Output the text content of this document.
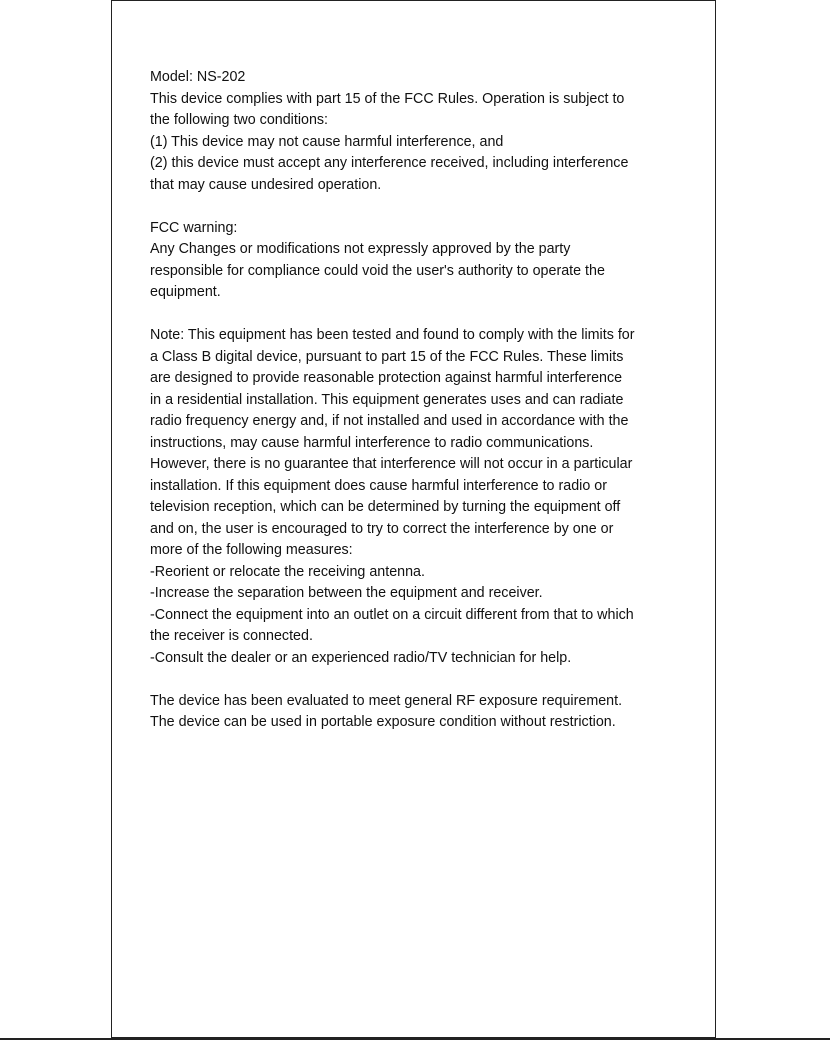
Model: NS-202
This device complies with part 15 of the FCC Rules. Operation is subject to
the following two conditions:
(1) This device may not cause harmful interference, and
(2) this device must accept any interference received, including interference
that may cause undesired operation.
FCC warning:
Any Changes or modifications not expressly approved by the party
responsible for compliance could void the user's authority to operate the
equipment.
Note: This equipment has been tested and found to comply with the limits for
a Class B digital device, pursuant to part 15 of the FCC Rules. These limits
are designed to provide reasonable protection against harmful interference
in a residential installation. This equipment generates uses and can radiate
radio frequency energy and, if not installed and used in accordance with the
instructions, may cause harmful interference to radio communications.
However, there is no guarantee that interference will not occur in a particular
installation. If this equipment does cause harmful interference to radio or
television reception, which can be determined by turning the equipment off
and on, the user is encouraged to try to correct the interference by one or
more of the following measures:
-Reorient or relocate the receiving antenna.
-Increase the separation between the equipment and receiver.
-Connect the equipment into an outlet on a circuit different from that to which
the receiver is connected.
-Consult the dealer or an experienced radio/TV technician for help.
The device has been evaluated to meet general RF exposure requirement.
The device can be used in portable exposure condition without restriction.
